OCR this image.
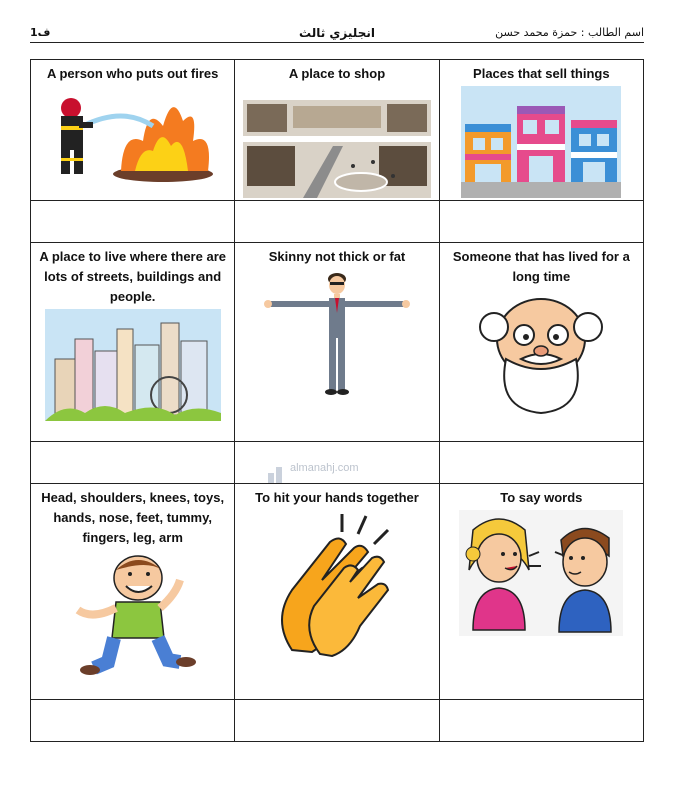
ف1	انجليزي ثالث	اسم الطالب : حمزة محمد حسن
A person who puts out fires	A place to shop	Places that sell things

A place to live where there are lots of streets, buildings and people.	Skinny not thick or fat	Someone that has lived for a long time

Head, shoulders, knees, toys, hands, nose, feet, tummy, fingers, leg, arm	To hit your hands together	To say words

almanahj.com
